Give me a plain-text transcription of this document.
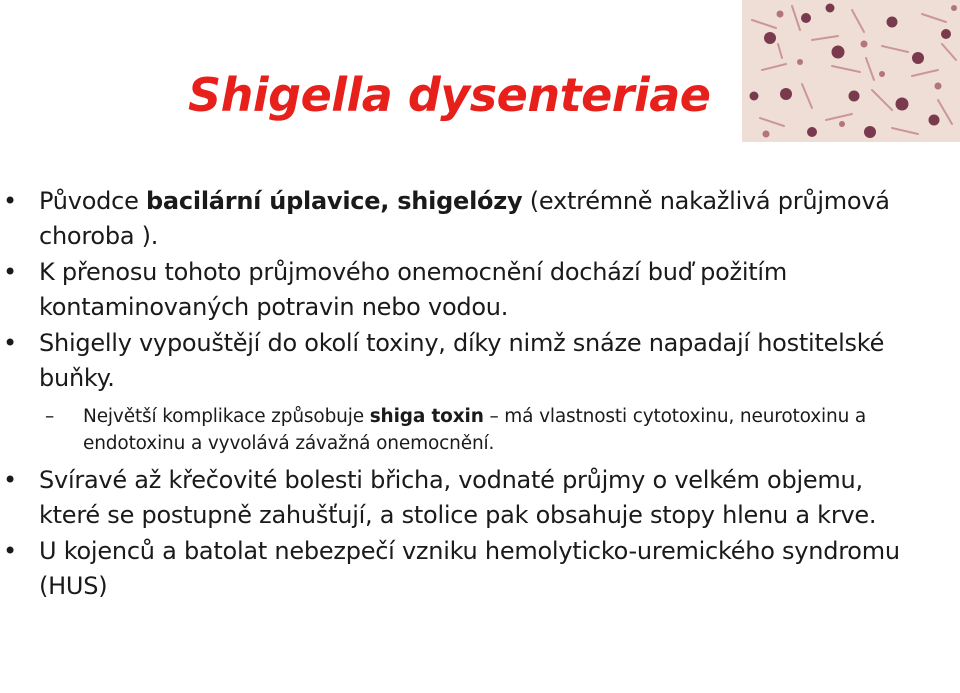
Shigella dysenteriae
• Původce bacilární úplavice, shigelózy (extrémně nakažlivá průjmová choroba ).
• K přenosu tohoto průjmového onemocnění dochází buď požitím kontaminovaných potravin nebo vodou.
• Shigelly vypouštějí do okolí toxiny, díky nimž snáze napadají hostitelské buňky.
– Největší komplikace způsobuje shiga toxin – má vlastnosti cytotoxinu, neurotoxinu a endotoxinu a vyvolává závažná onemocnění.
• Svíravé až křečovité bolesti břicha, vodnaté průjmy o velkém objemu, které se postupně zahušťují, a stolice pak obsahuje stopy hlenu a krve.
• U kojenců a batolat nebezpečí vzniku hemolyticko-uremického syndromu (HUS)
